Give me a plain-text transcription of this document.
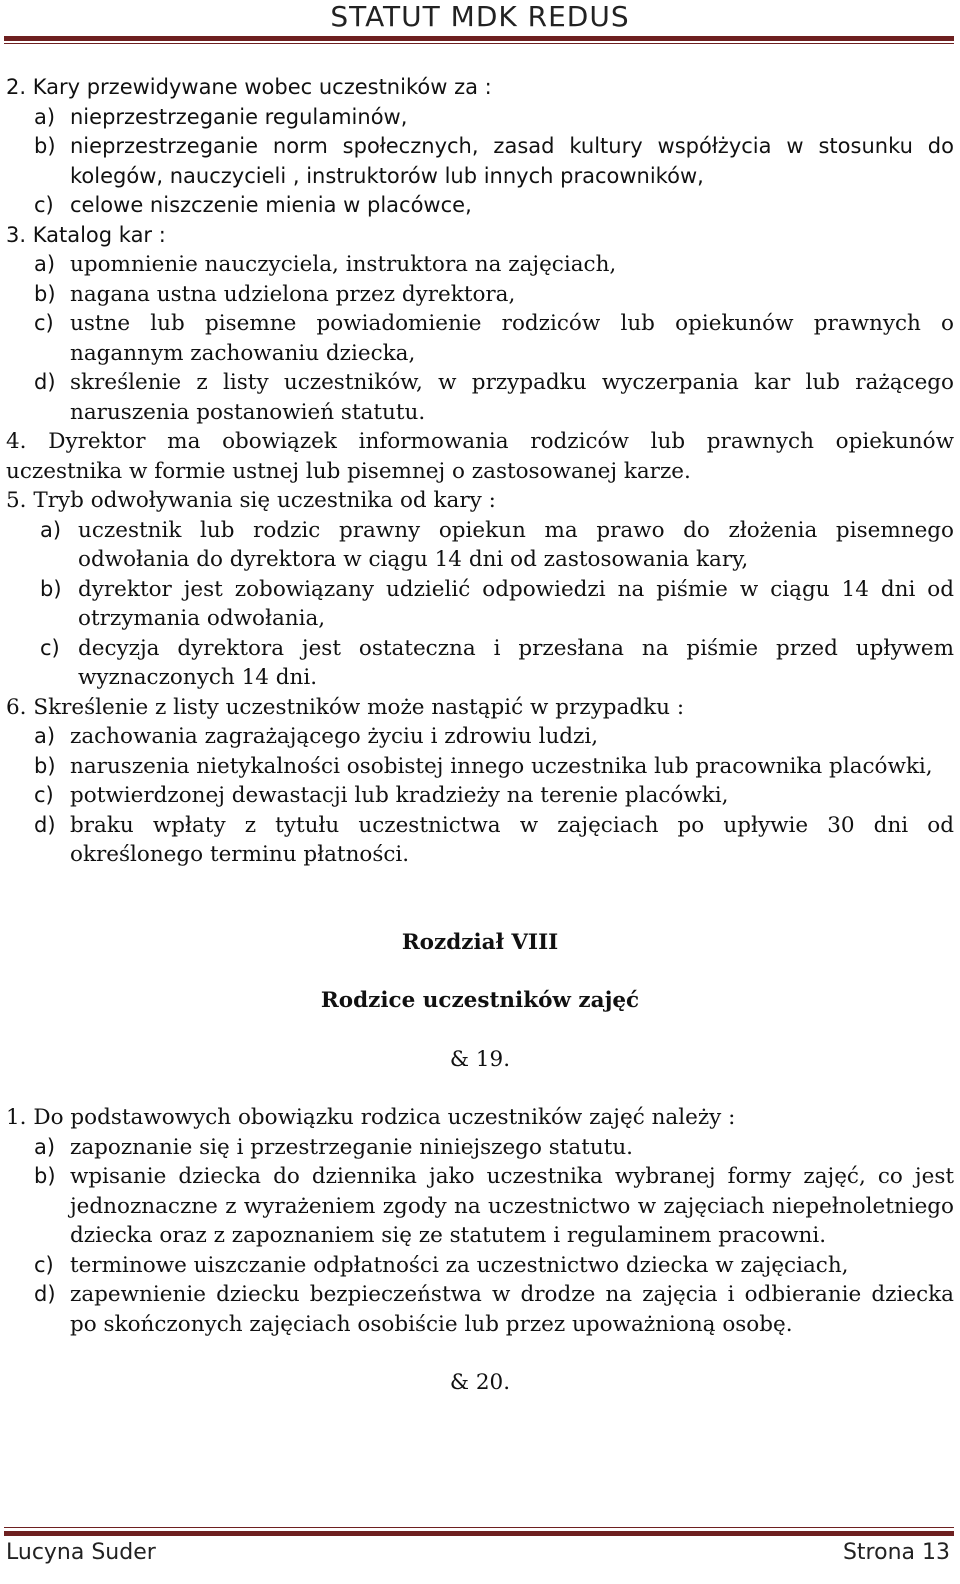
STATUT MDK REDUS

2. Kary przewidywane wobec uczestników za :

a) nieprzestrzeganie regulaminów,
b) nieprzestrzeganie norm społecznych, zasad kultury współżycia w stosunku do kolegów, nauczycieli , instruktorów lub innych pracowników,
c) celowe niszczenie mienia w placówce,

3. Katalog kar :

a) upomnienie nauczyciela, instruktora na zajęciach,
b) nagana ustna udzielona przez dyrektora,
c) ustne lub pisemne powiadomienie rodziców lub opiekunów prawnych o nagannym zachowaniu dziecka,
d) skreślenie z listy uczestników, w przypadku wyczerpania kar lub rażącego naruszenia postanowień statutu.

4. Dyrektor ma obowiązek informowania rodziców lub prawnych opiekunów uczestnika w formie ustnej lub pisemnej o zastosowanej karze.

5. Tryb odwoływania się uczestnika od kary :

a) uczestnik lub rodzic prawny opiekun ma prawo do złożenia pisemnego odwołania do dyrektora w ciągu 14 dni od zastosowania kary,
b) dyrektor jest zobowiązany udzielić odpowiedzi na piśmie w ciągu 14 dni od otrzymania odwołania,
c) decyzja dyrektora jest ostateczna i przesłana na piśmie przed upływem wyznaczonych 14 dni.

6. Skreślenie z listy uczestników może nastąpić w przypadku :

a) zachowania zagrażającego życiu i zdrowiu ludzi,
b) naruszenia nietykalności osobistej innego uczestnika lub pracownika placówki,
c) potwierdzonej dewastacji lub kradzieży na terenie placówki,
d) braku wpłaty z tytułu uczestnictwa w zajęciach po upływie 30 dni od określonego terminu płatności.

Rozdział VIII

Rodzice uczestników zajęć

& 19.

1. Do podstawowych obowiązku rodzica uczestników zajęć należy :

a) zapoznanie się i przestrzeganie niniejszego statutu.
b) wpisanie dziecka do dziennika jako uczestnika wybranej formy zajęć, co jest jednoznaczne z wyrażeniem zgody na uczestnictwo w zajęciach niepełnoletniego dziecka oraz z zapoznaniem się ze statutem i regulaminem pracowni.
c) terminowe uiszczanie odpłatności za uczestnictwo dziecka w zajęciach,
d) zapewnienie dziecku bezpieczeństwa w drodze na zajęcia i odbieranie dziecka po skończonych zajęciach osobiście lub przez upoważnioną osobę.

& 20.

Lucyna Suder	Strona 13
